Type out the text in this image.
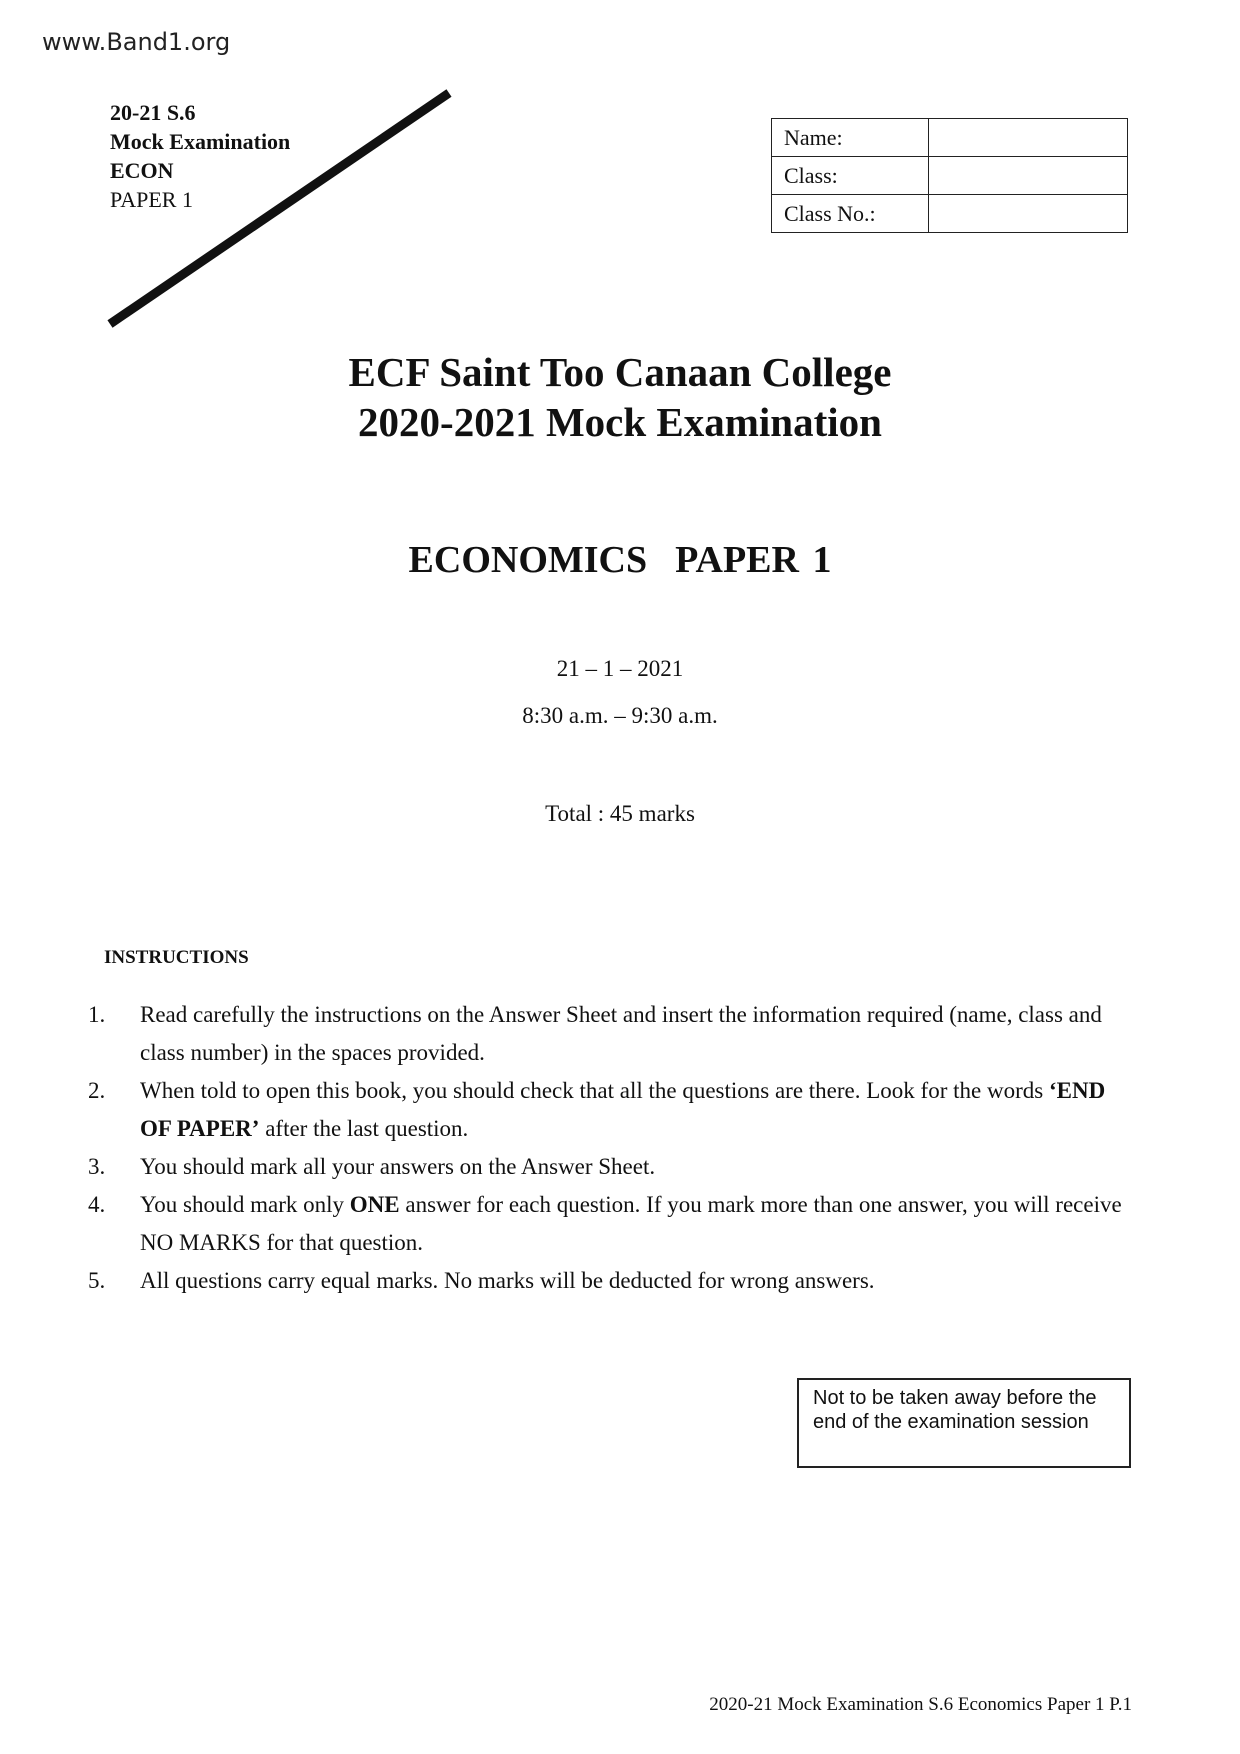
www.Band1.org
20-21 S.6
Mock Examination
ECON
PAPER 1
Name:	
Class:	
Class No.:	
ECF Saint Too Canaan College
2020-2021 Mock Examination
ECONOMICS PAPER 1
21 – 1 – 2021
8:30 a.m. – 9:30 a.m.
Total : 45 marks
INSTRUCTIONS
1. Read carefully the instructions on the Answer Sheet and insert the information required (name, class and class number) in the spaces provided.
2. When told to open this book, you should check that all the questions are there. Look for the words ‘END OF PAPER’ after the last question.
3. You should mark all your answers on the Answer Sheet.
4. You should mark only ONE answer for each question. If you mark more than one answer, you will receive NO MARKS for that question.
5. All questions carry equal marks. No marks will be deducted for wrong answers.
Not to be taken away before the end of the examination session
2020-21 Mock Examination S.6 Economics Paper 1 P.1
